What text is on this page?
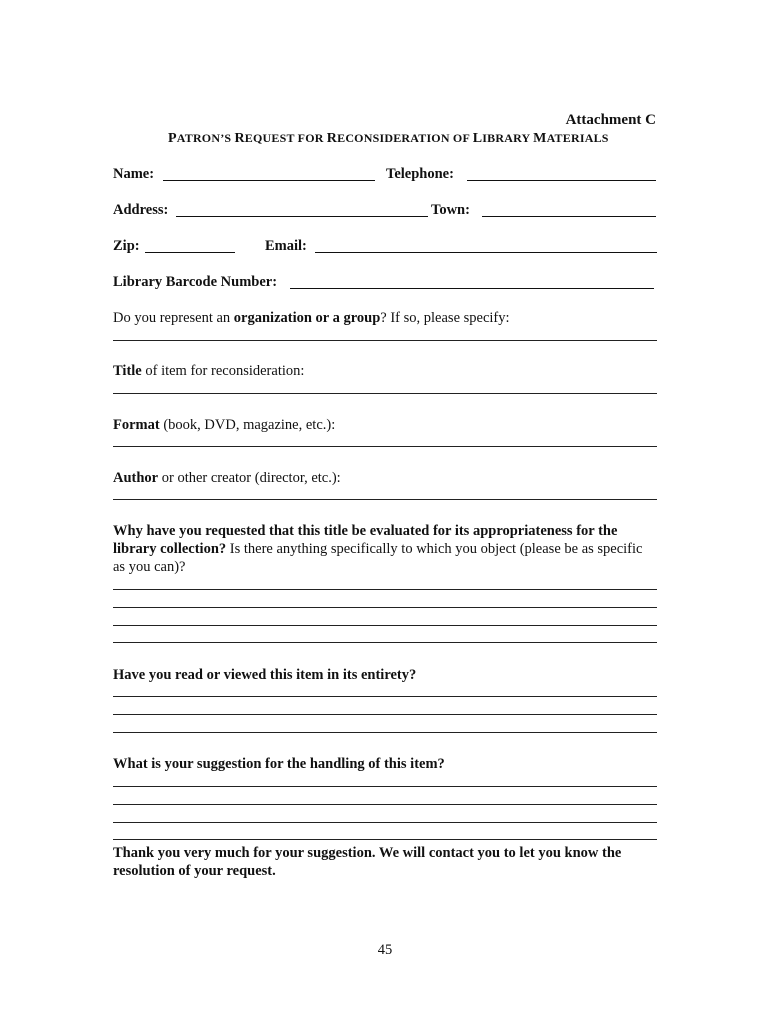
Attachment C
PATRON’S REQUEST FOR RECONSIDERATION OF LIBRARY MATERIALS
Name:	Telephone:
Address:	Town:
Zip:	Email:
Library Barcode Number:
Do you represent an organization or a group? If so, please specify:
Title of item for reconsideration:
Format (book, DVD, magazine, etc.):
Author or other creator (director, etc.):
Why have you requested that this title be evaluated for its appropriateness for the library collection? Is there anything specifically to which you object (please be as specific as you can)?
Have you read or viewed this item in its entirety?
What is your suggestion for the handling of this item?
Thank you very much for your suggestion. We will contact you to let you know the resolution of your request.
45
